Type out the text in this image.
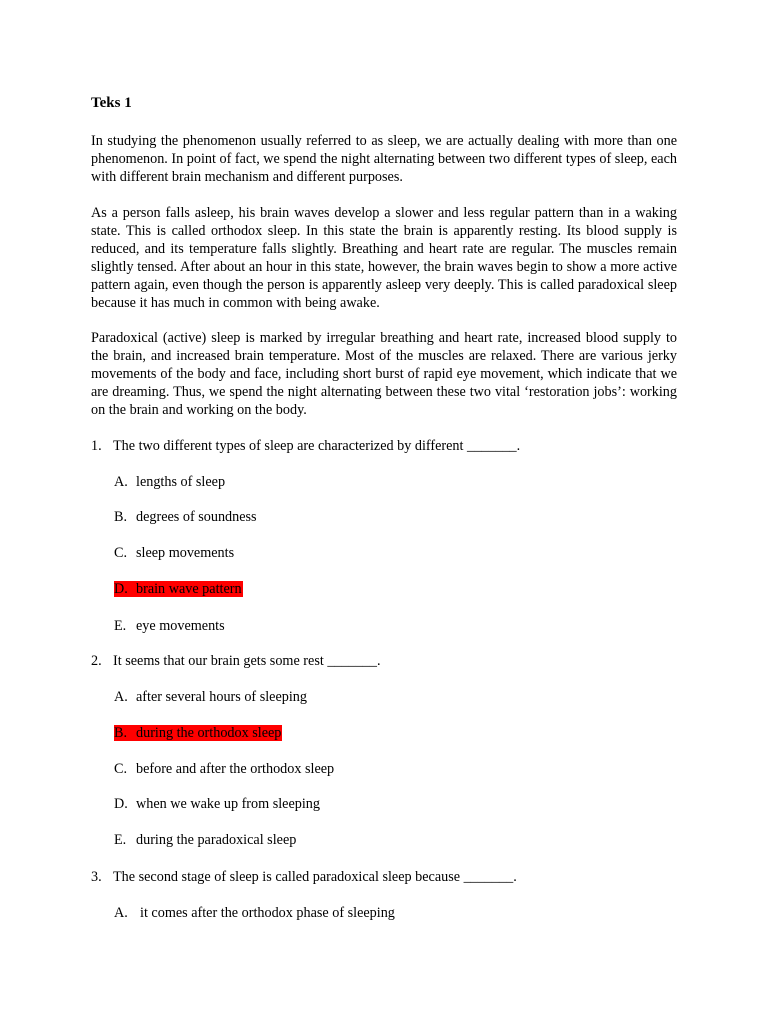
Teks 1

In studying the phenomenon usually referred to as sleep, we are actually dealing with more than one phenomenon. In point of fact, we spend the night alternating between two different types of sleep, each with different brain mechanism and different purposes.

As a person falls asleep, his brain waves develop a slower and less regular pattern than in a waking state. This is called orthodox sleep. In this state the brain is apparently resting. Its blood supply is reduced, and its temperature falls slightly. Breathing and heart rate are regular. The muscles remain slightly tensed. After about an hour in this state, however, the brain waves begin to show a more active pattern again, even though the person is apparently asleep very deeply. This is called paradoxical sleep because it has much in common with being awake.

Paradoxical (active) sleep is marked by irregular breathing and heart rate, increased blood supply to the brain, and increased brain temperature. Most of the muscles are relaxed. There are various jerky movements of the body and face, including short burst of rapid eye movement, which indicate that we are dreaming. Thus, we spend the night alternating between these two vital ‘restoration jobs’: working on the brain and working on the body.

1. The two different types of sleep are characterized by different _______.

A. lengths of sleep

B. degrees of soundness

C. sleep movements

D. brain wave pattern

E. eye movements

2. It seems that our brain gets some rest _______.

A. after several hours of sleeping

B. during the orthodox sleep

C. before and after the orthodox sleep

D. when we wake up from sleeping

E. during the paradoxical sleep

3. The second stage of sleep is called paradoxical sleep because _______.

A. it comes after the orthodox phase of sleeping
